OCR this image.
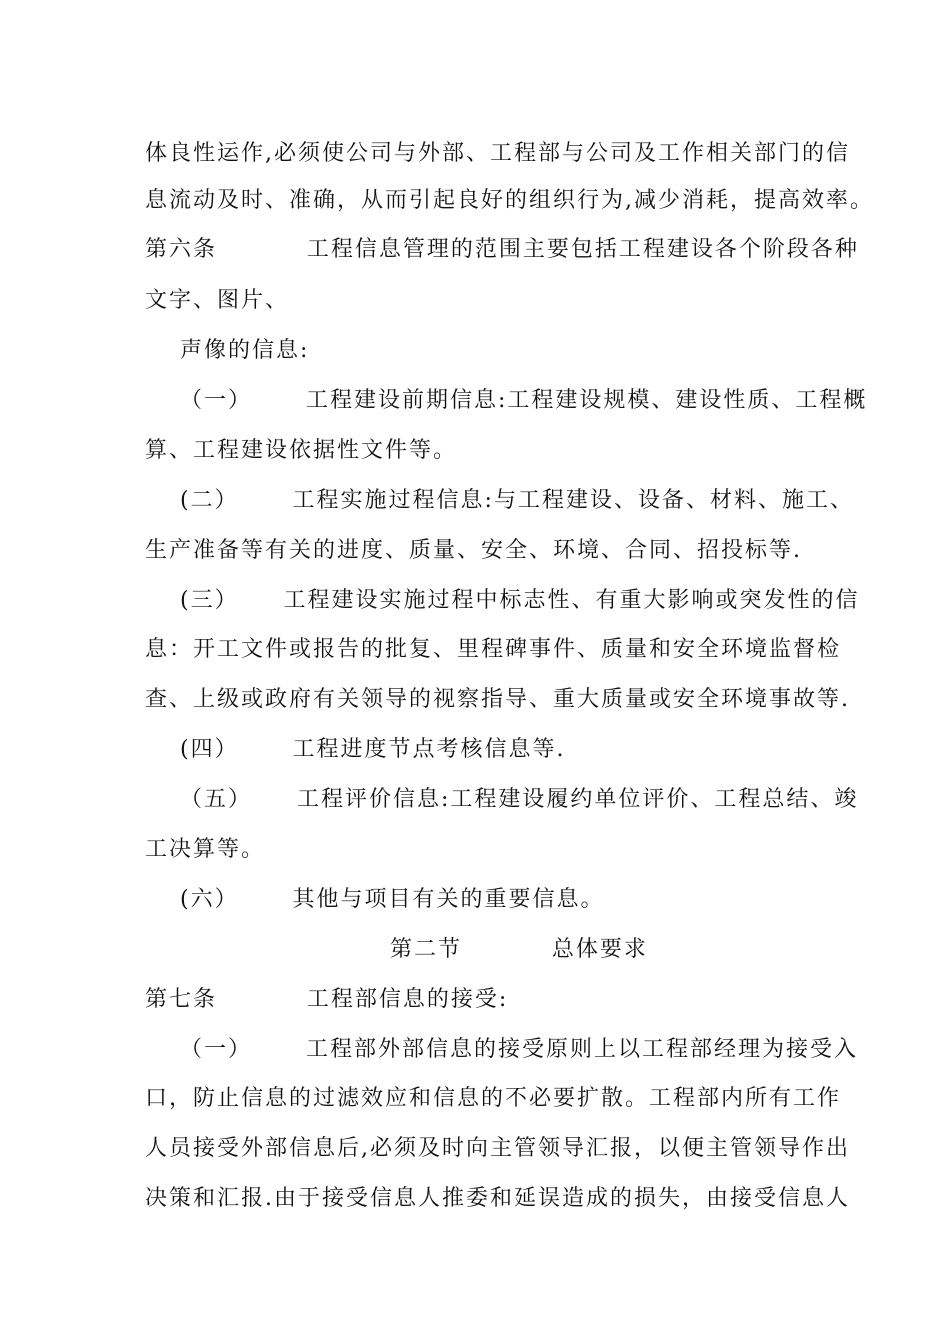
体良性运作,必须使公司与外部、工程部与公司及工作相关部门的信
息流动及时、准确，从而引起良好的组织行为,减少消耗，提高效率。
第六条          工程信息管理的范围主要包括工程建设各个阶段各种
文字、图片、
声像的信息:
（一）      工程建设前期信息:工程建设规模、建设性质、工程概
算、工程建设依据性文件等。
(二）      工程实施过程信息:与工程建设、设备、材料、施工、
生产准备等有关的进度、质量、安全、环境、合同、招投标等.
(三）     工程建设实施过程中标志性、有重大影响或突发性的信
息：开工文件或报告的批复、里程碑事件、质量和安全环境监督检
查、上级或政府有关领导的视察指导、重大质量或安全环境事故等.
(四）      工程进度节点考核信息等.
（五）     工程评价信息:工程建设履约单位评价、工程总结、竣
工决算等。
(六）      其他与项目有关的重要信息。
第二节          总体要求
第七条          工程部信息的接受:
（一）      工程部外部信息的接受原则上以工程部经理为接受入
口，防止信息的过滤效应和信息的不必要扩散。工程部内所有工作
人员接受外部信息后,必须及时向主管领导汇报，以便主管领导作出
决策和汇报.由于接受信息人推委和延误造成的损失，由接受信息人
